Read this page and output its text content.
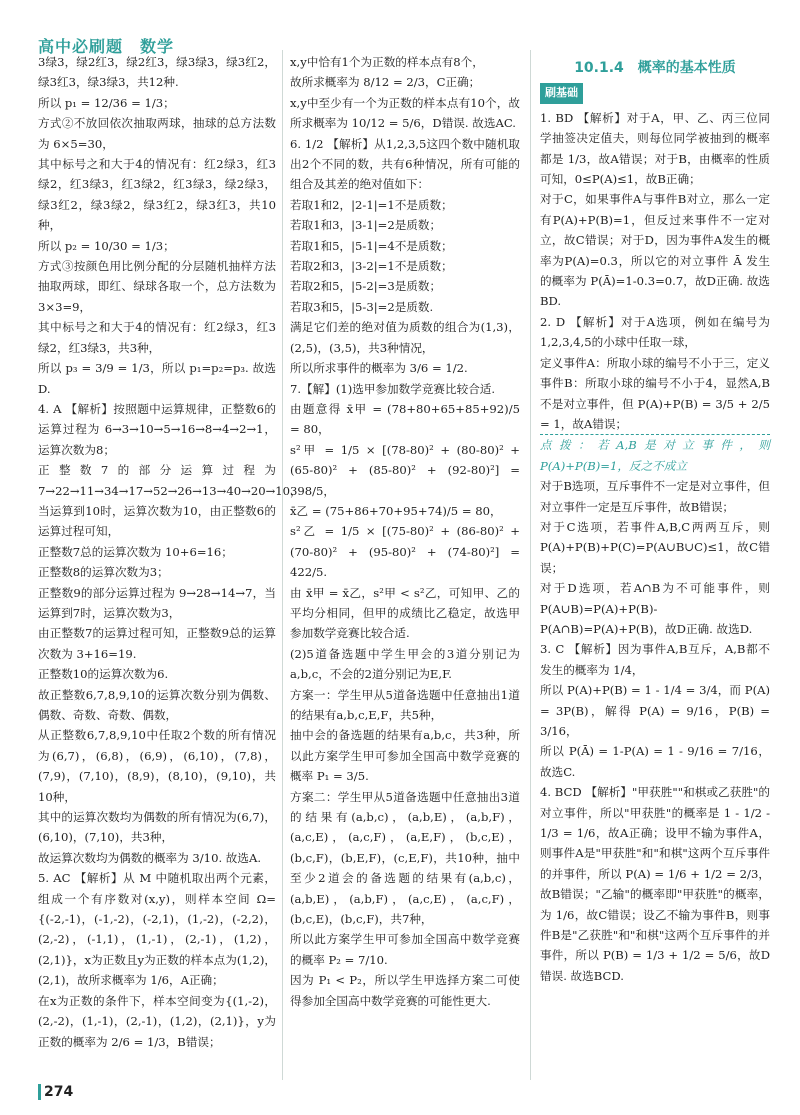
高中必刷题　数学

3绿3，绿2红3，绿2红3，绿3绿3，绿3红2，绿3红3，绿3绿3，共12种.

所以 p₁ = 12/36 = 1/3；

方式②不放回依次抽取两球，抽球的总方法数为 6×5=30，

其中标号之和大于4的情况有：红2绿3，红3绿2，红3绿3，红3绿2，红3绿3，绿2绿3，绿3红2，绿3绿2，绿3红2，绿3红3，共10种，

所以 p₂ = 10/30 = 1/3；

方式③按颜色用比例分配的分层随机抽样方法抽取两球，即红、绿球各取一个，总方法数为 3×3=9，

其中标号之和大于4的情况有：红2绿3，红3绿2，红3绿3，共3种，

所以 p₃ = 3/9 = 1/3，所以 p₁=p₂=p₃. 故选D.

4. A 【解析】按照题中运算规律，正整数6的运算过程为 6→3→10→5→16→8→4→2→1，运算次数为8；

正整数7的部分运算过程为 7→22→11→34→17→52→26→13→40→20→10，

当运算到10时，运算次数为10，由正整数6的运算过程可知，

正整数7总的运算次数为 10+6=16；

正整数8的运算次数为3；

正整数9的部分运算过程为 9→28→14→7，当运算到7时，运算次数为3，

由正整数7的运算过程可知，正整数9总的运算次数为 3+16=19.

正整数10的运算次数为6.

故正整数6,7,8,9,10的运算次数分别为偶数、偶数、奇数、奇数、偶数，

从正整数6,7,8,9,10中任取2个数的所有情况为(6,7)，(6,8)，(6,9)，(6,10)，(7,8)，(7,9)，(7,10)，(8,9)，(8,10)，(9,10)，共10种，

其中的运算次数均为偶数的所有情况为(6,7)，(6,10)，(7,10)，共3种，

故运算次数均为偶数的概率为 3/10. 故选A.

5. AC 【解析】从 M 中随机取出两个元素，组成一个有序数对(x,y)，则样本空间 Ω={(-2,-1)，(-1,-2)，(-2,1)，(1,-2)，(-2,2)，(2,-2)，(-1,1)，(1,-1)，(2,-1)，(1,2)，(2,1)}，x为正数且y为正数的样本点为(1,2)，(2,1)，故所求概率为 1/6，A正确；

在x为正数的条件下，样本空间变为{(1,-2)，(2,-2)，(1,-1)，(2,-1)，(1,2)，(2,1)}，y为正数的概率为 2/6 = 1/3，B错误；

x,y中恰有1个为正数的样本点有8个，

故所求概率为 8/12 = 2/3，C正确；

x,y中至少有一个为正数的样本点有10个，故所求概率为 10/12 = 5/6，D错误. 故选AC.

6. 1/2 【解析】从1,2,3,5这四个数中随机取出2个不同的数，共有6种情况，所有可能的组合及其差的绝对值如下：

若取1和2，|2-1|=1不是质数；

若取1和3，|3-1|=2是质数；

若取1和5，|5-1|=4不是质数；

若取2和3，|3-2|=1不是质数；

若取2和5，|5-2|=3是质数；

若取3和5，|5-3|=2是质数.

满足它们差的绝对值为质数的组合为(1,3)，(2,5)，(3,5)，共3种情况，

所以所求事件的概率为 3/6 = 1/2.

7.【解】(1)选甲参加数学竞赛比较合适.

由题意得 x̄甲 = (78+80+65+85+92)/5 = 80，

s²甲 = 1/5 × [(78-80)² + (80-80)² + (65-80)² + (85-80)² + (92-80)²] = 398/5，

x̄乙 = (75+86+70+95+74)/5 = 80，

s²乙 = 1/5 × [(75-80)² + (86-80)² + (70-80)² + (95-80)² + (74-80)²] = 422/5.

由 x̄甲 = x̄乙，s²甲 < s²乙，可知甲、乙的平均分相同，但甲的成绩比乙稳定，故选甲参加数学竞赛比较合适.

(2)5道备选题中学生甲会的3道分别记为a,b,c，不会的2道分别记为E,F.

方案一：学生甲从5道备选题中任意抽出1道的结果有a,b,c,E,F，共5种，

抽中会的备选题的结果有a,b,c，共3种，所以此方案学生甲可参加全国高中数学竞赛的概率 P₁ = 3/5.

方案二：学生甲从5道备选题中任意抽出3道的结果有(a,b,c)，(a,b,E)，(a,b,F)，(a,c,E)，(a,c,F)，(a,E,F)，(b,c,E)，(b,c,F)，(b,E,F)，(c,E,F)，共10种，抽中至少2道会的备选题的结果有(a,b,c)，(a,b,E)，(a,b,F)，(a,c,E)，(a,c,F)，(b,c,E)，(b,c,F)，共7种，

所以此方案学生甲可参加全国高中数学竞赛的概率 P₂ = 7/10.

因为 P₁ < P₂，所以学生甲选择方案二可使得参加全国高中数学竞赛的可能性更大.

10.1.4　概率的基本性质
刷基础

1. BD 【解析】对于A，甲、乙、丙三位同学抽签决定值夫，则每位同学被抽到的概率都是 1/3，故A错误；对于B，由概率的性质可知，0≤P(A)≤1，故B正确；

对于C，如果事件A与事件B对立，那么一定有P(A)+P(B)=1，但反过来事件不一定对立，故C错误；对于D，因为事件A发生的概率为P(A)=0.3，所以它的对立事件 Ā 发生的概率为 P(Ā)=1-0.3=0.7，故D正确. 故选BD.

2. D 【解析】对于A选项，例如在编号为1,2,3,4,5的小球中任取一球，

定义事件A：所取小球的编号不小于三，定义事件B：所取小球的编号不小于4，显然A,B不是对立事件，但 P(A)+P(B) = 3/5 + 2/5 = 1，故A错误；

点拨：若A,B是对立事件，则P(A)+P(B)=1，反之不成立

对于B选项，互斥事件不一定是对立事件，但对立事件一定是互斥事件，故B错误；

对于C选项，若事件A,B,C两两互斥，则 P(A)+P(B)+P(C)=P(A∪B∪C)≤1，故C错误；

对于D选项，若A∩B为不可能事件，则 P(A∪B)=P(A)+P(B)-P(A∩B)=P(A)+P(B)，故D正确. 故选D.

3. C 【解析】因为事件A,B互斥，A,B都不发生的概率为 1/4，

所以 P(A)+P(B) = 1 - 1/4 = 3/4，而 P(A) = 3P(B)，解得 P(A) = 9/16，P(B) = 3/16，

所以 P(Ā) = 1-P(A) = 1 - 9/16 = 7/16，故选C.

4. BCD 【解析】"甲获胜""和棋或乙获胜"的对立事件，所以"甲获胜"的概率是 1 - 1/2 - 1/3 = 1/6，故A正确；设甲不输为事件A，则事件A是"甲获胜"和"和棋"这两个互斥事件的并事件，所以 P(A) = 1/6 + 1/2 = 2/3，故B错误；"乙输"的概率即"甲获胜"的概率，为 1/6，故C错误；设乙不输为事件B，则事件B是"乙获胜"和"和棋"这两个互斥事件的并事件，所以 P(B) = 1/3 + 1/2 = 5/6，故D错误. 故选BCD.

274
